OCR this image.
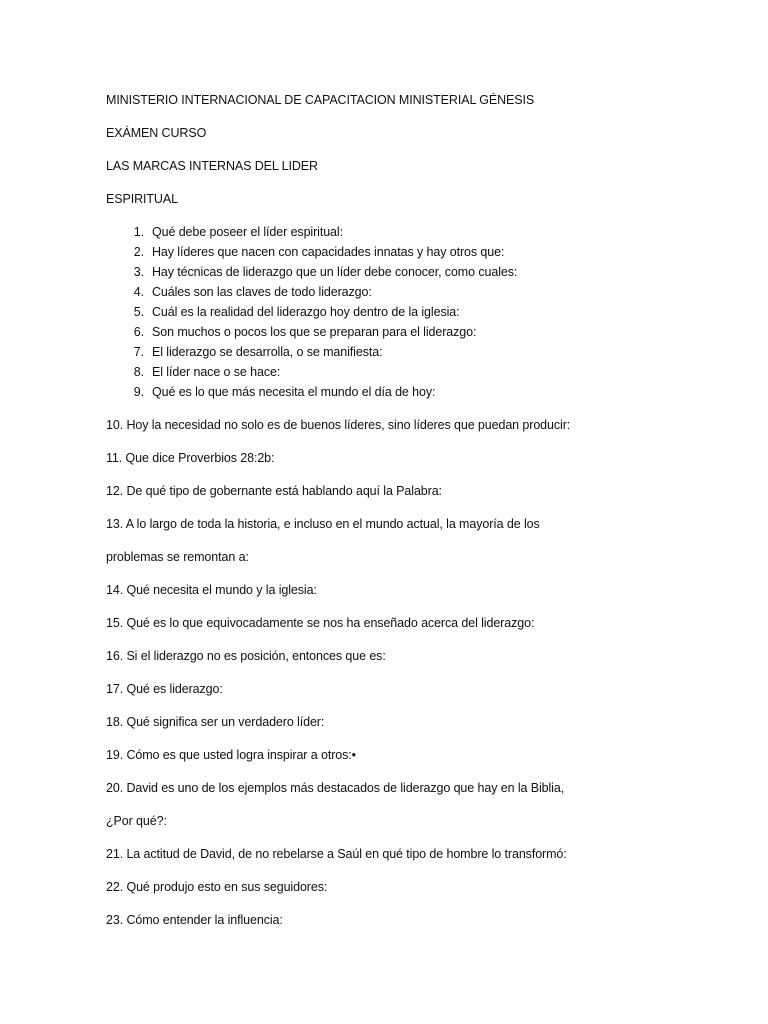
MINISTERIO INTERNACIONAL DE CAPACITACION MINISTERIAL GÉNESIS
EXÁMEN CURSO
LAS MARCAS INTERNAS DEL LIDER
ESPIRITUAL
1. Qué debe poseer el líder espiritual:
2. Hay líderes que nacen con capacidades innatas y hay otros que:
3. Hay técnicas de liderazgo que un líder debe conocer, como cuales:
4. Cuáles son las claves de todo liderazgo:
5. Cuál es la realidad del liderazgo hoy dentro de la iglesia:
6. Son muchos o pocos los que se preparan para el liderazgo:
7. El liderazgo se desarrolla, o se manifiesta:
8. El líder nace o se hace:
9. Qué es lo que más necesita el mundo el día de hoy:
10. Hoy la necesidad no solo es de buenos líderes, sino líderes que puedan producir:
11. Que dice Proverbios 28:2b:
12. De qué tipo de gobernante está hablando aquí la Palabra:
13. A lo largo de toda la historia, e incluso en el mundo actual, la mayoría de los
problemas se remontan a:
14. Qué necesita el mundo y la iglesia:
15. Qué es lo que equivocadamente se nos ha enseñado acerca del liderazgo:
16. Si el liderazgo no es posición, entonces que es:
17. Qué es liderazgo:
18. Qué significa ser un verdadero líder:
19. Cómo es que usted logra inspirar a otros:•
20. David es uno de los ejemplos más destacados de liderazgo que hay en la Biblia,
¿Por qué?:
21. La actitud de David, de no rebelarse a Saúl en qué tipo de hombre lo transformó:
22. Qué produjo esto en sus seguidores:
23. Cómo entender la influencia:
